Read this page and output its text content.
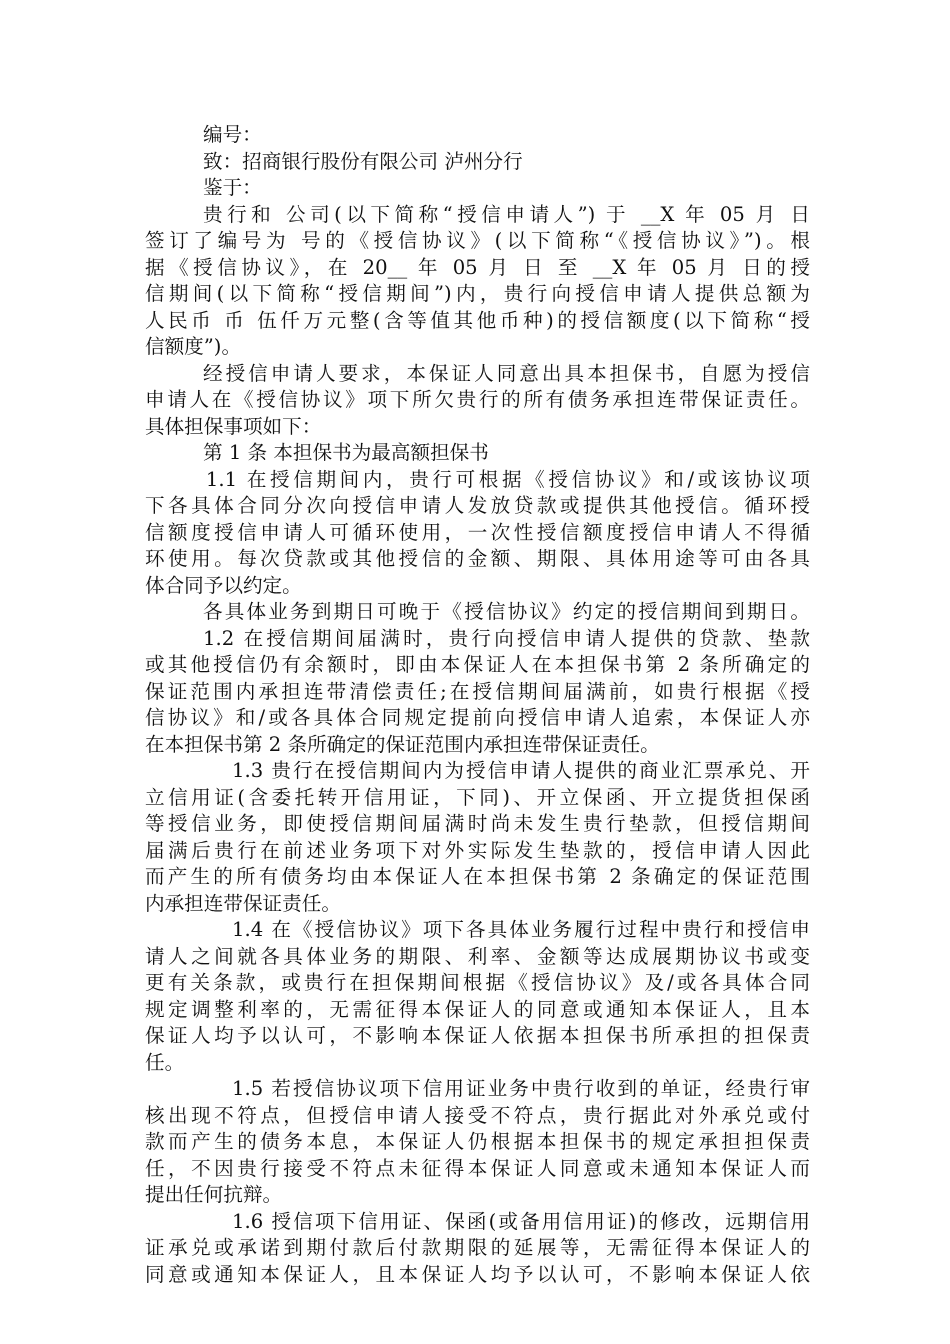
编号：
致：招商银行股份有限公司 泸州分行
鉴于：
贵行和 公司(以下简称“授信申请人”) 于 __X 年 05 月 日
签订了编号为 号的《授信协议》(以下简称“《授信协议》”)。根
据《授信协议》，在 20__ 年 05 月 日 至 __X 年 05 月 日的授
信期间(以下简称“授信期间”)内，贵行向授信申请人提供总额为
人民币 币 伍仟万元整(含等值其他币种)的授信额度(以下简称“授
信额度”)。
经授信申请人要求，本保证人同意出具本担保书，自愿为授信
申请人在《授信协议》项下所欠贵行的所有债务承担连带保证责任。
具体担保事项如下：
第 1 条 本担保书为最高额担保书
1.1 在授信期间内，贵行可根据《授信协议》和/或该协议项
下各具体合同分次向授信申请人发放贷款或提供其他授信。循环授
信额度授信申请人可循环使用，一次性授信额度授信申请人不得循
环使用。每次贷款或其他授信的金额、期限、具体用途等可由各具
体合同予以约定。
各具体业务到期日可晚于《授信协议》约定的授信期间到期日。
1.2 在授信期间届满时，贵行向授信申请人提供的贷款、垫款
或其他授信仍有余额时，即由本保证人在本担保书第 2 条所确定的
保证范围内承担连带清偿责任;在授信期间届满前，如贵行根据《授
信协议》和/或各具体合同规定提前向授信申请人追索，本保证人亦
在本担保书第 2 条所确定的保证范围内承担连带保证责任。
1.3 贵行在授信期间内为授信申请人提供的商业汇票承兑、开
立信用证(含委托转开信用证，下同)、开立保函、开立提货担保函
等授信业务，即使授信期间届满时尚未发生贵行垫款，但授信期间
届满后贵行在前述业务项下对外实际发生垫款的，授信申请人因此
而产生的所有债务均由本保证人在本担保书第 2 条确定的保证范围
内承担连带保证责任。
1.4 在《授信协议》项下各具体业务履行过程中贵行和授信申
请人之间就各具体业务的期限、利率、金额等达成展期协议书或变
更有关条款，或贵行在担保期间根据《授信协议》及/或各具体合同
规定调整利率的，无需征得本保证人的同意或通知本保证人，且本
保证人均予以认可，不影响本保证人依据本担保书所承担的担保责
任。
1.5 若授信协议项下信用证业务中贵行收到的单证，经贵行审
核出现不符点，但授信申请人接受不符点，贵行据此对外承兑或付
款而产生的债务本息，本保证人仍根据本担保书的规定承担担保责
任，不因贵行接受不符点未征得本保证人同意或未通知本保证人而
提出任何抗辩。
1.6 授信项下信用证、保函(或备用信用证)的修改，远期信用
证承兑或承诺到期付款后付款期限的延展等，无需征得本保证人的
同意或通知本保证人，且本保证人均予以认可，不影响本保证人依
